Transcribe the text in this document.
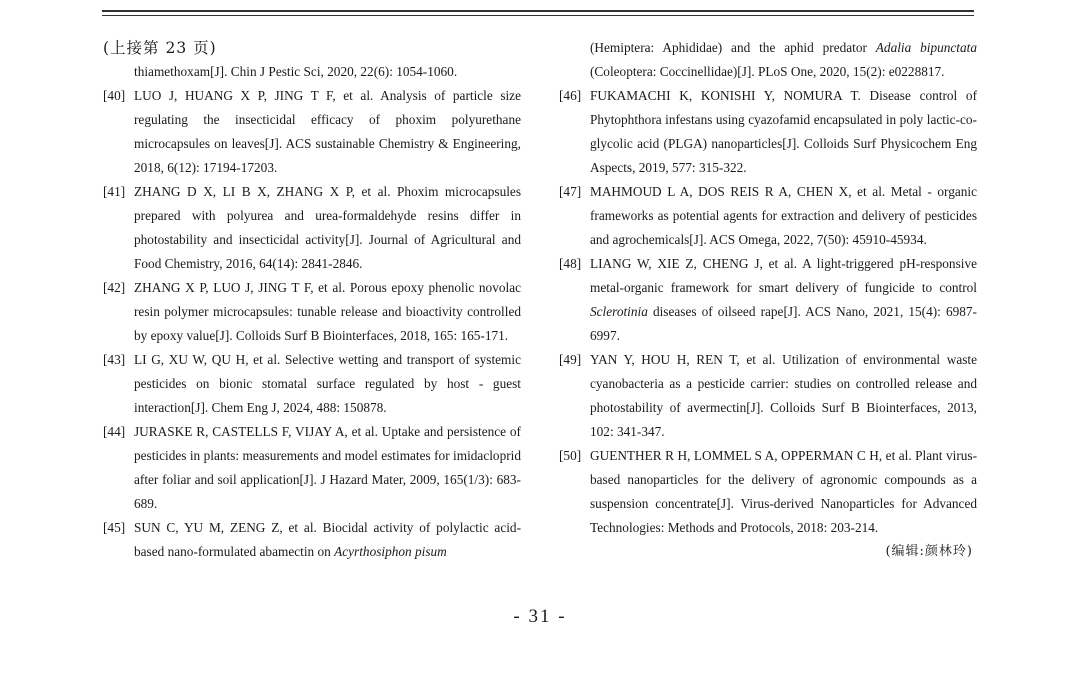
(上接第 23 页)
thiamethoxam[J]. Chin J Pestic Sci, 2020, 22(6): 1054-1060.
[40] LUO J, HUANG X P, JING T F, et al. Analysis of particle size regulating the insecticidal efficacy of phoxim polyurethane microcapsules on leaves[J]. ACS sustainable Chemistry & Engineering, 2018, 6(12): 17194-17203.
[41] ZHANG D X, LI B X, ZHANG X P, et al. Phoxim microcapsules prepared with polyurea and urea-formaldehyde resins differ in photostability and insecticidal activity[J]. Journal of Agricultural and Food Chemistry, 2016, 64(14): 2841-2846.
[42] ZHANG X P, LUO J, JING T F, et al. Porous epoxy phenolic novolac resin polymer microcapsules: tunable release and bioactivity controlled by epoxy value[J]. Colloids Surf B Biointerfaces, 2018, 165: 165-171.
[43] LI G, XU W, QU H, et al. Selective wetting and transport of systemic pesticides on bionic stomatal surface regulated by host - guest interaction[J]. Chem Eng J, 2024, 488: 150878.
[44] JURASKE R, CASTELLS F, VIJAY A, et al. Uptake and persistence of pesticides in plants: measurements and model estimates for imidacloprid after foliar and soil application[J]. J Hazard Mater, 2009, 165(1/3): 683-689.
[45] SUN C, YU M, ZENG Z, et al. Biocidal activity of polylactic acid-based nano-formulated abamectin on Acyrthosiphon pisum
(Hemiptera: Aphididae) and the aphid predator Adalia bipunctata (Coleoptera: Coccinellidae)[J]. PLoS One, 2020, 15(2): e0228817.
[46] FUKAMACHI K, KONISHI Y, NOMURA T. Disease control of Phytophthora infestans using cyazofamid encapsulated in poly lactic-co-glycolic acid (PLGA) nanoparticles[J]. Colloids Surf Physicochem Eng Aspects, 2019, 577: 315-322.
[47] MAHMOUD L A, DOS REIS R A, CHEN X, et al. Metal - organic frameworks as potential agents for extraction and delivery of pesticides and agrochemicals[J]. ACS Omega, 2022, 7(50): 45910-45934.
[48] LIANG W, XIE Z, CHENG J, et al. A light-triggered pH-responsive metal-organic framework for smart delivery of fungicide to control Sclerotinia diseases of oilseed rape[J]. ACS Nano, 2021, 15(4): 6987-6997.
[49] YAN Y, HOU H, REN T, et al. Utilization of environmental waste cyanobacteria as a pesticide carrier: studies on controlled release and photostability of avermectin[J]. Colloids Surf B Biointerfaces, 2013, 102: 341-347.
[50] GUENTHER R H, LOMMEL S A, OPPERMAN C H, et al. Plant virus-based nanoparticles for the delivery of agronomic compounds as a suspension concentrate[J]. Virus-derived Nanoparticles for Advanced Technologies: Methods and Protocols, 2018: 203-214.
(编辑:颜林玲)
- 31 -
